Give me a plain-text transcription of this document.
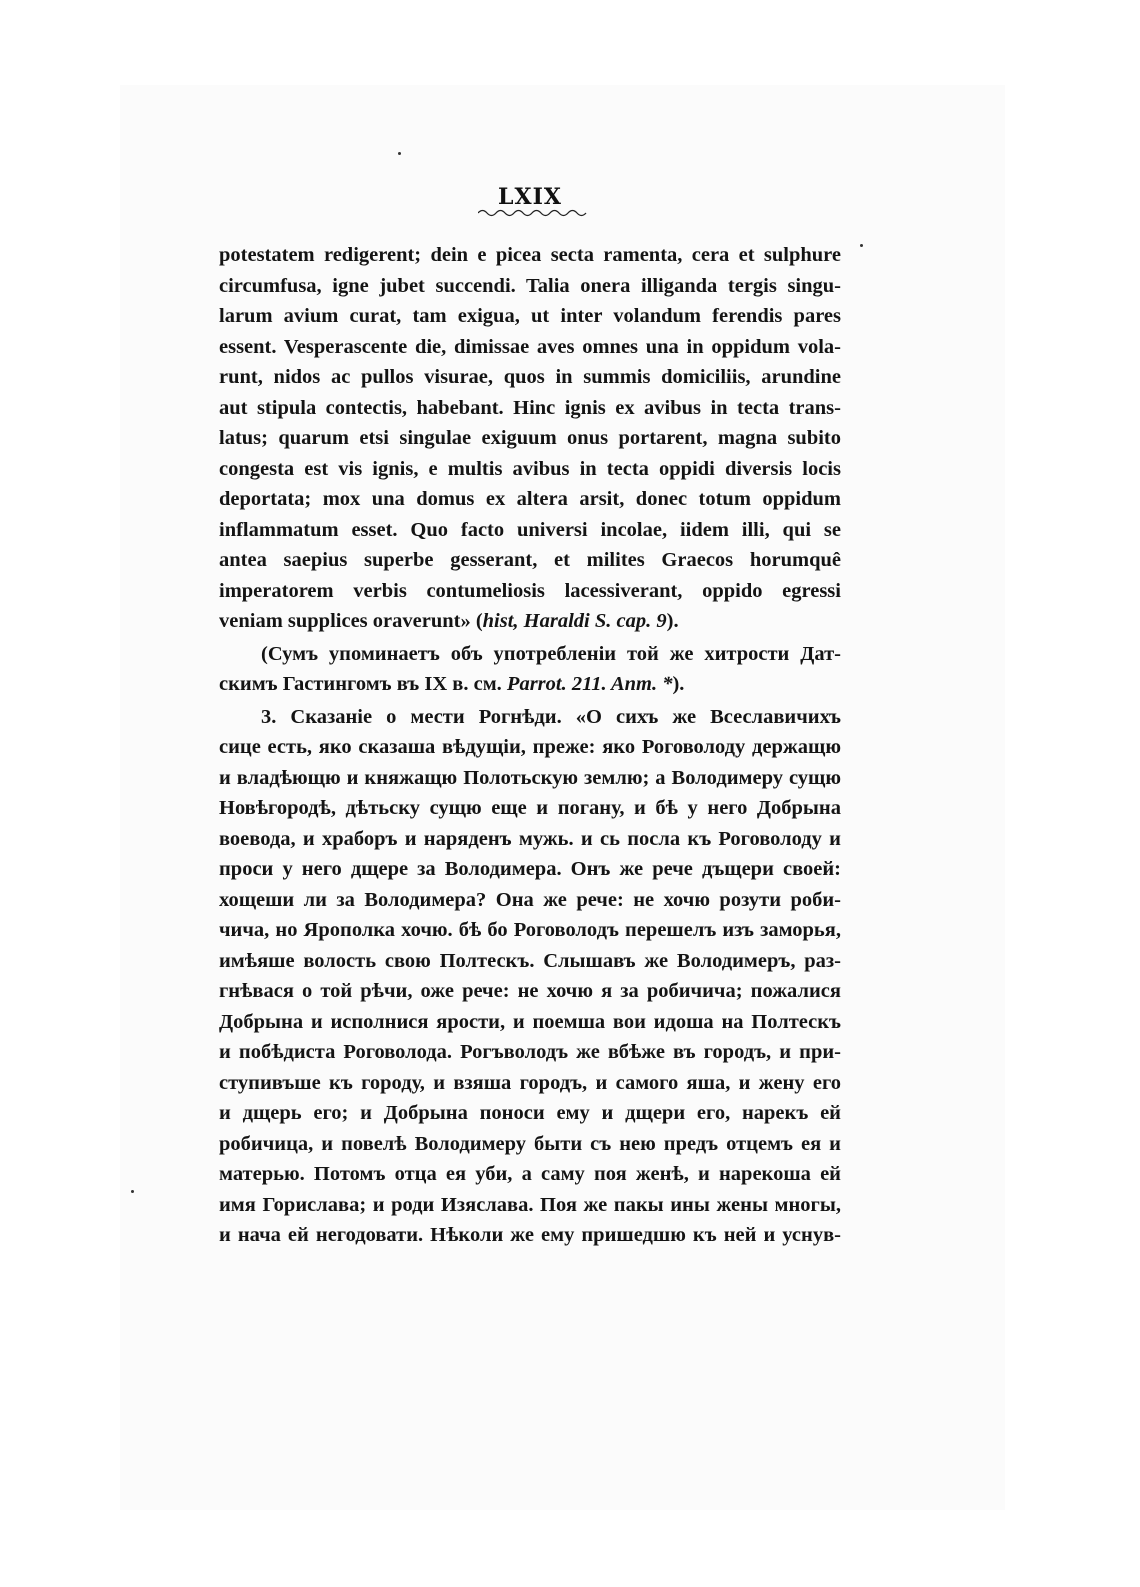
LXIX
potestatem redigerent; dein e picea secta ramenta, cera et sulphure
circumfusa, igne jubet succendi. Talia onera illiganda tergis singu-
larum avium curat, tam exigua, ut inter volandum ferendis pares
essent. Vesperascente die, dimissae aves omnes una in oppidum vola-
runt, nidos ac pullos visurae, quos in summis domiciliis, arundine
aut stipula contectis, habebant. Hinc ignis ex avibus in tecta trans-
latus; quarum etsi singulae exiguum onus portarent, magna subito
congesta est vis ignis, e multis avibus in tecta oppidi diversis locis
deportata; mox una domus ex altera arsit, donec totum oppidum
inflammatum esset. Quo facto universi incolae, iidem illi, qui se
antea saepius superbe gesserant, et milites Graecos horumquê
imperatorem verbis contumeliosis lacessiverant, oppido egressi
veniam supplices oraverunt» (hist, Haraldi S. cap. 9).
(Сумъ упоминаетъ объ употребленіи той же хитрости Дат-
скимъ Гастингомъ въ IX в. см. Parrot. 211. Anm. *).
3. Сказаніе о мести Рогнѣди. «О сихъ же Всеславичихъ
сице есть, яко сказаша вѣдущіи, преже: яко Роговолоду держащю
и владѣющю и княжащю Полотьскую землю; а Володимеру сущю
Новѣгородѣ, дѣтьску сущю еще и погану, и бѣ у него Добрына
воевода, и храборъ и наряденъ мужь. и сь посла къ Роговолоду и
проси у него дщере за Володимера. Онъ же рече дъщери своей:
хощеши ли за Володимера? Она же рече: не хочю розути роби-
чича, но Ярополка хочю. бѣ бо Роговолодъ перешелъ изъ заморья,
имѣяше волость свою Полтескъ. Слышавъ же Володимеръ, раз-
гнѣвася о той рѣчи, оже рече: не хочю я за робичича; пожалися
Добрына и исполнися ярости, и поемша вои идоша на Полтескъ
и побѣдиста Роговолода. Рогъволодъ же вбѣже въ городъ, и при-
ступивъше къ городу, и взяша городъ, и самого яша, и жену его
и дщерь его; и Добрына поноси ему и дщери его, нарекъ ей
робичица, и повелѣ Володимеру быти съ нею предъ отцемъ ея и
матерью. Потомъ отца ея уби, а саму поя женѣ, и нарекоша ей
имя Горислава; и роди Изяслава. Поя же пакы ины жены многы,
и нача ей негодовати. Нѣколи же ему пришедшю къ ней и уснув-
